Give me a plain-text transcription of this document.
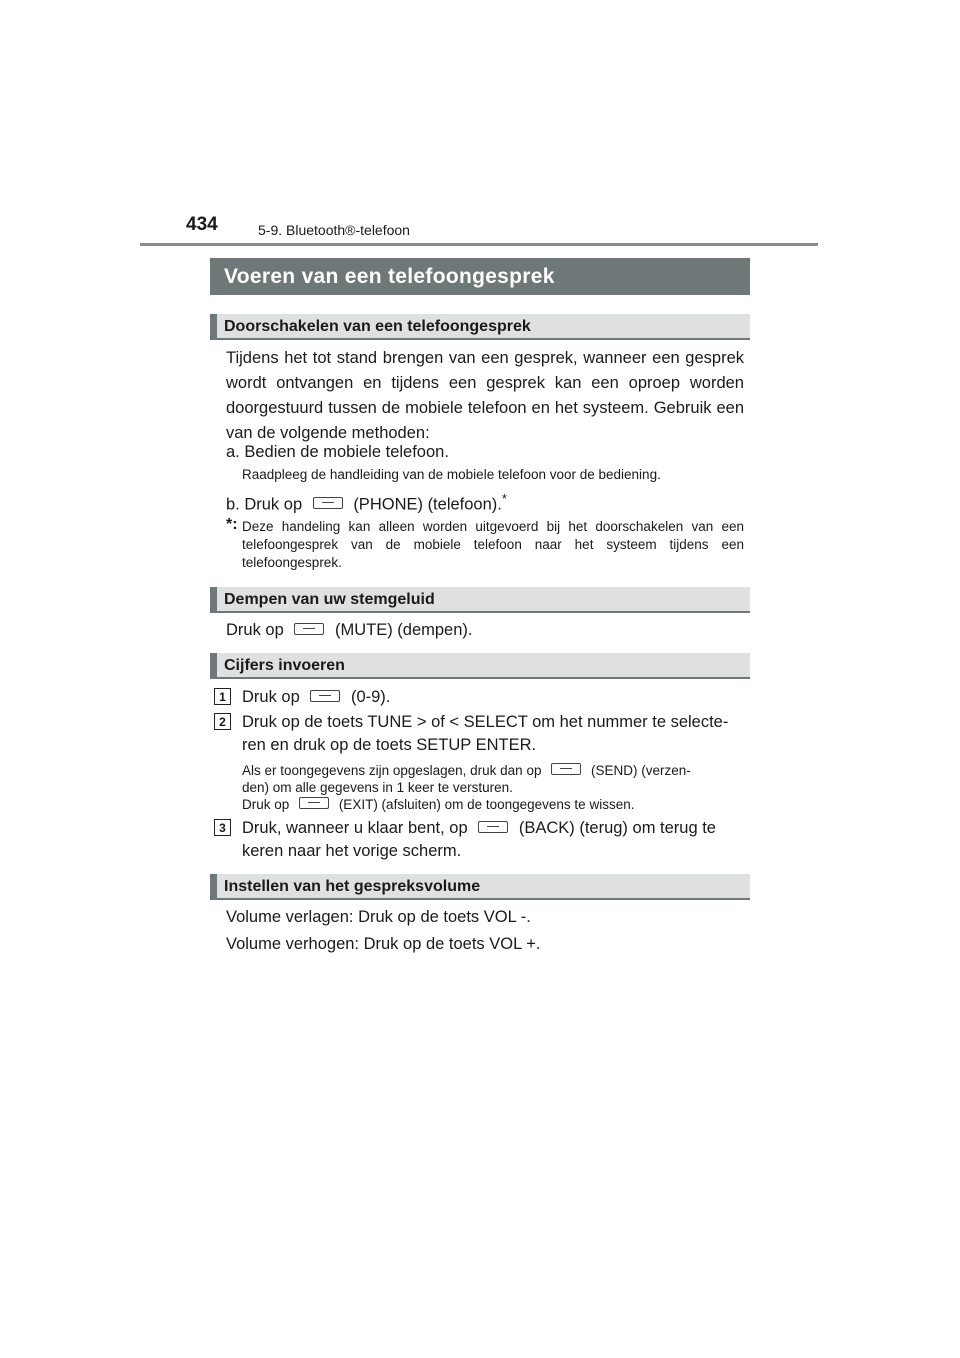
434	5-9. Bluetooth®-telefoon
Voeren van een telefoongesprek
Doorschakelen van een telefoongesprek
Tijdens het tot stand brengen van een gesprek, wanneer een gesprek wordt ontvangen en tijdens een gesprek kan een oproep worden doorgestuurd tussen de mobiele telefoon en het systeem. Gebruik een van de volgende methoden:
a. Bedien de mobiele telefoon.
Raadpleeg de handleiding van de mobiele telefoon voor de bediening.
b. Druk op	(PHONE) (telefoon).*
*: Deze handeling kan alleen worden uitgevoerd bij het doorschakelen van een telefoongesprek van de mobiele telefoon naar het systeem tijdens een telefoongesprek.
Dempen van uw stemgeluid
Druk op	(MUTE) (dempen).
Cijfers invoeren
1 Druk op	(0-9).
2 Druk op de toets TUNE > of < SELECT om het nummer te selecte-
ren en druk op de toets SETUP ENTER.
Als er toongegevens zijn opgeslagen, druk dan op	(SEND) (verzen-
den) om alle gegevens in 1 keer te versturen.
Druk op	(EXIT) (afsluiten) om de toongegevens te wissen.
3 Druk, wanneer u klaar bent, op	(BACK) (terug) om terug te
keren naar het vorige scherm.
Instellen van het gespreksvolume
Volume verlagen: Druk op de toets VOL -.
Volume verhogen: Druk op de toets VOL +.
